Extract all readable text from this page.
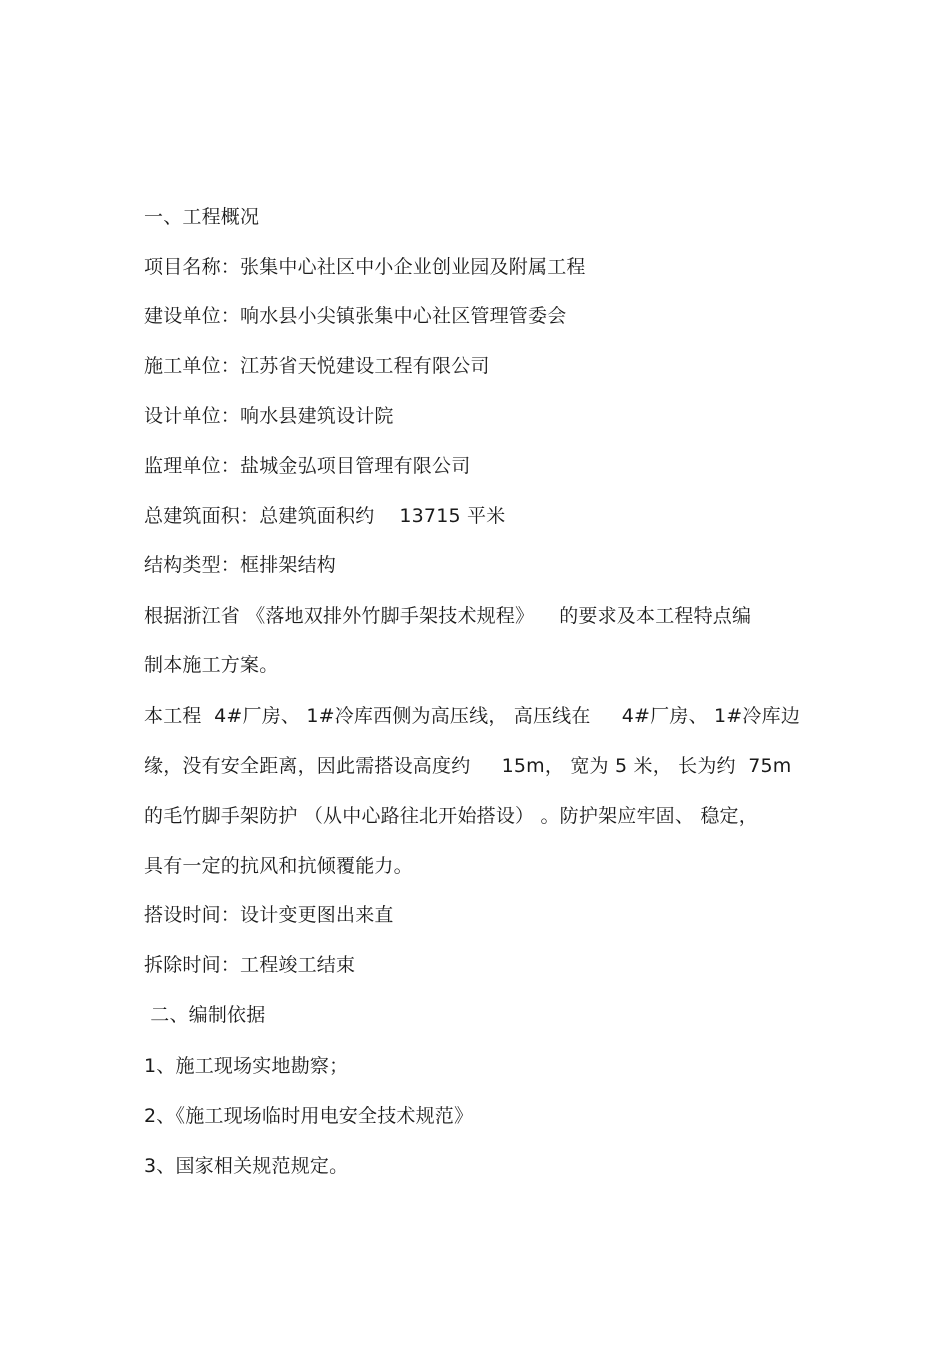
一、工程概况
项目名称：张集中心社区中小企业创业园及附属工程
建设单位：响水县小尖镇张集中心社区管理管委会
施工单位：江苏省天悦建设工程有限公司
设计单位：响水县建筑设计院
监理单位：盐城金弘项目管理有限公司
总建筑面积：总建筑面积约    13715 平米
结构类型：框排架结构
根据浙江省 《落地双排外竹脚手架技术规程》    的要求及本工程特点编
制本施工方案。
本工程  4#厂房、 1#冷库西侧为高压线， 高压线在     4#厂房、 1#冷库边
缘，没有安全距离，因此需搭设高度约     15m， 宽为 5 米， 长为约  75m
的毛竹脚手架防护 （从中心路往北开始搭设） 。防护架应牢固、 稳定，
具有一定的抗风和抗倾覆能力。
搭设时间：设计变更图出来直
拆除时间：工程竣工结束
二、编制依据
1、施工现场实地勘察；
2、《施工现场临时用电安全技术规范》
3、国家相关规范规定。
